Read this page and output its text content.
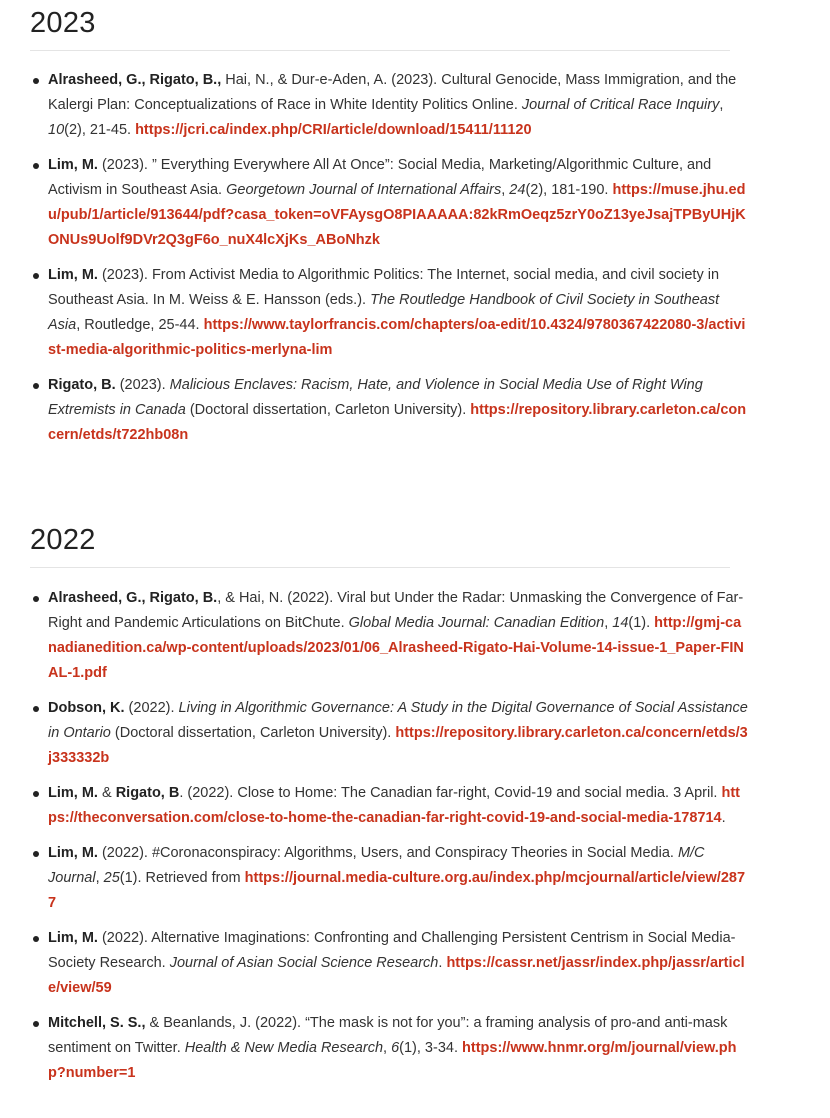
2023
Alrasheed, G., Rigato, B., Hai, N., & Dur-e-Aden, A. (2023). Cultural Genocide, Mass Immigration, and the Kalergi Plan: Conceptualizations of Race in White Identity Politics Online. Journal of Critical Race Inquiry, 10(2), 21-45. https://jcri.ca/index.php/CRI/article/download/15411/11120
Lim, M. (2023). ” Everything Everywhere All At Once”: Social Media, Marketing/Algorithmic Culture, and Activism in Southeast Asia. Georgetown Journal of International Affairs, 24(2), 181-190. https://muse.jhu.edu/pub/1/article/913644/pdf?casa_token=oVFAysgO8PIAAAAA:82kRmOeqz5zrY0oZ13yeJsajTPByUHjKONUs9Uolf9DVr2Q3gF6o_nuX4lcXjKs_ABoNhzk
Lim, M. (2023). From Activist Media to Algorithmic Politics: The Internet, social media, and civil society in Southeast Asia. In M. Weiss & E. Hansson (eds.). The Routledge Handbook of Civil Society in Southeast Asia, Routledge, 25-44. https://www.taylorfrancis.com/chapters/oa-edit/10.4324/9780367422080-3/activist-media-algorithmic-politics-merlyna-lim
Rigato, B. (2023). Malicious Enclaves: Racism, Hate, and Violence in Social Media Use of Right Wing Extremists in Canada (Doctoral dissertation, Carleton University). https://repository.library.carleton.ca/concern/etds/t722hb08n
2022
Alrasheed, G., Rigato, B., & Hai, N. (2022). Viral but Under the Radar: Unmasking the Convergence of Far-Right and Pandemic Articulations on BitChute. Global Media Journal: Canadian Edition, 14(1). http://gmj-canadianedition.ca/wp-content/uploads/2023/01/06_Alrasheed-Rigato-Hai-Volume-14-issue-1_Paper-FINAL-1.pdf
Dobson, K. (2022). Living in Algorithmic Governance: A Study in the Digital Governance of Social Assistance in Ontario (Doctoral dissertation, Carleton University). https://repository.library.carleton.ca/concern/etds/3j333332b
Lim, M. & Rigato, B. (2022). Close to Home: The Canadian far-right, Covid-19 and social media. 3 April. https://theconversation.com/close-to-home-the-canadian-far-right-covid-19-and-social-media-178714.
Lim, M. (2022). #Coronaconspiracy: Algorithms, Users, and Conspiracy Theories in Social Media. M/C Journal, 25(1). Retrieved from https://journal.media-culture.org.au/index.php/mcjournal/article/view/2877
Lim, M. (2022). Alternative Imaginations: Confronting and Challenging Persistent Centrism in Social Media-Society Research. Journal of Asian Social Science Research. https://cassr.net/jassr/index.php/jassr/article/view/59
Mitchell, S. S., & Beanlands, J. (2022). “The mask is not for you”: a framing analysis of pro-and anti-mask sentiment on Twitter. Health & New Media Research, 6(1), 3-34. https://www.hnmr.org/m/journal/view.php?number=1
